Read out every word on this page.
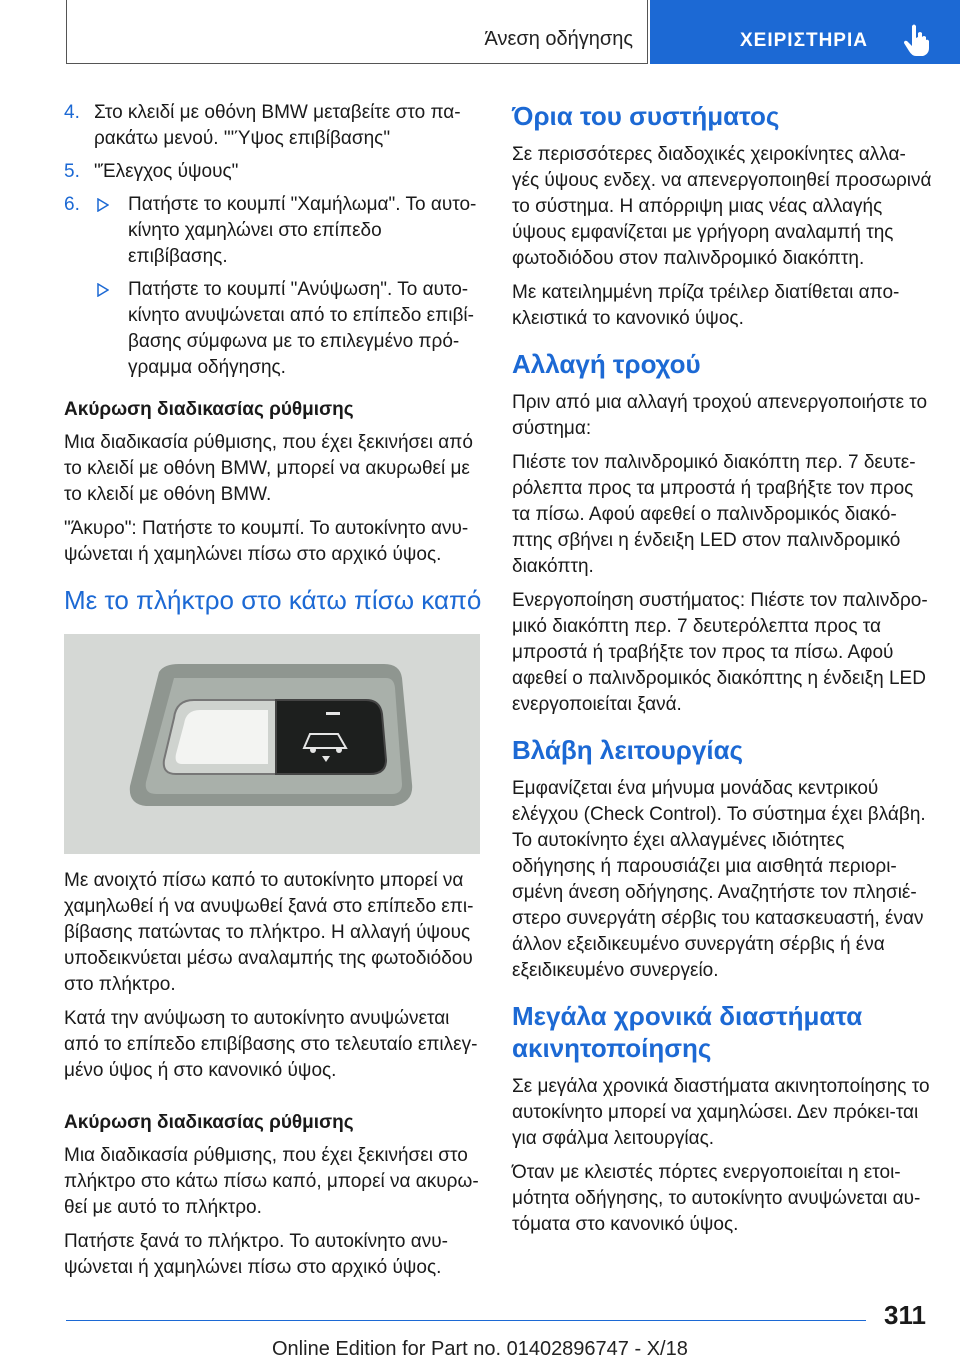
Άνεση οδήγησης	ΧΕΙΡΙΣΤΗΡΙΑ
4. Στο κλειδί με οθόνη BMW μεταβείτε στο πα‐ρακάτω μενού. "'Ύψος επιβίβασης"
5. "Έλεγχος ύψους"
6.	Πατήστε το κουμπί "Χαμήλωμα". Το αυτο‐κίνητο χαμηλώνει στο επίπεδο επιβίβασης.
Πατήστε το κουμπί "Ανύψωση". Το αυτο‐κίνητο ανυψώνεται από το επίπεδο επιβί‐βασης σύμφωνα με το επιλεγμένο πρό‐γραμμα οδήγησης.
Ακύρωση διαδικασίας ρύθμισης

Μια διαδικασία ρύθμισης, που έχει ξεκινήσει από το κλειδί με οθόνη BMW, μπορεί να ακυρωθεί με το κλειδί με οθόνη BMW.

"Άκυρο": Πατήστε το κουμπί. Το αυτοκίνητο ανυ‐ψώνεται ή χαμηλώνει πίσω στο αρχικό ύψος.

Με το πλήκτρο στο κάτω πίσω καπό

Με ανοιχτό πίσω καπό το αυτοκίνητο μπορεί να χαμηλωθεί ή να ανυψωθεί ξανά στο επίπεδο επι‐βίβασης πατώντας το πλήκτρο. Η αλλαγή ύψους υποδεικνύεται μέσω αναλαμπής της φωτοδιόδου στο πλήκτρο.

Κατά την ανύψωση το αυτοκίνητο ανυψώνεται από το επίπεδο επιβίβασης στο τελευταίο επιλεγ‐μένο ύψος ή στο κανονικό ύψος.

Ακύρωση διαδικασίας ρύθμισης

Μια διαδικασία ρύθμισης, που έχει ξεκινήσει στο πλήκτρο στο κάτω πίσω καπό, μπορεί να ακυρω‐θεί με αυτό το πλήκτρο.

Πατήστε ξανά το πλήκτρο. Το αυτοκίνητο ανυ‐ψώνεται ή χαμηλώνει πίσω στο αρχικό ύψος.

Όρια του συστήματος

Σε περισσότερες διαδοχικές χειροκίνητες αλλα‐γές ύψους ενδεχ. να απενεργοποιηθεί προσωρινά το σύστημα. Η απόρριψη μιας νέας αλλαγής ύψους εμφανίζεται με γρήγορη αναλαμπή της φωτοδιόδου στον παλινδρομικό διακόπτη.

Με κατειλημμένη πρίζα τρέιλερ διατίθεται απο‐κλειστικά το κανονικό ύψος.

Αλλαγή τροχού

Πριν από μια αλλαγή τροχού απενεργοποιήστε το σύστημα:

Πιέστε τον παλινδρομικό διακόπτη περ. 7 δευτε‐ρόλεπτα προς τα μπροστά ή τραβήξτε τον προς τα πίσω. Αφού αφεθεί ο παλινδρομικός διακό‐πτης σβήνει η ένδειξη LED στον παλινδρομικό διακόπτη.

Ενεργοποίηση συστήματος: Πιέστε τον παλινδρο‐μικό διακόπτη περ. 7 δευτερόλεπτα προς τα μπροστά ή τραβήξτε τον προς τα πίσω. Αφού αφεθεί ο παλινδρομικός διακόπτης η ένδειξη LED ενεργοποιείται ξανά.

Βλάβη λειτουργίας

Εμφανίζεται ένα μήνυμα μονάδας κεντρικού ελέγχου (Check Control). Το σύστημα έχει βλάβη. Το αυτοκίνητο έχει αλλαγμένες ιδιότητες οδήγησης ή παρουσιάζει μια αισθητά περιορι‐σμένη άνεση οδήγησης. Αναζητήστε τον πλησιέ‐στερο συνεργάτη σέρβις του κατασκευαστή, έναν άλλον εξειδικευμένο συνεργάτη σέρβις ή ένα εξειδικευμένο συνεργείο.

Μεγάλα χρονικά διαστήματα ακινητοποίησης

Σε μεγάλα χρονικά διαστήματα ακινητοποίησης το αυτοκίνητο μπορεί να χαμηλώσει. Δεν πρόκει‐ται για σφάλμα λειτουργίας.

Όταν με κλειστές πόρτες ενεργοποιείται η ετοι‐μότητα οδήγησης, το αυτοκίνητο ανυψώνεται αυ‐τόματα στο κανονικό ύψος.

311
Online Edition for Part no. 01402896747 - X/18
